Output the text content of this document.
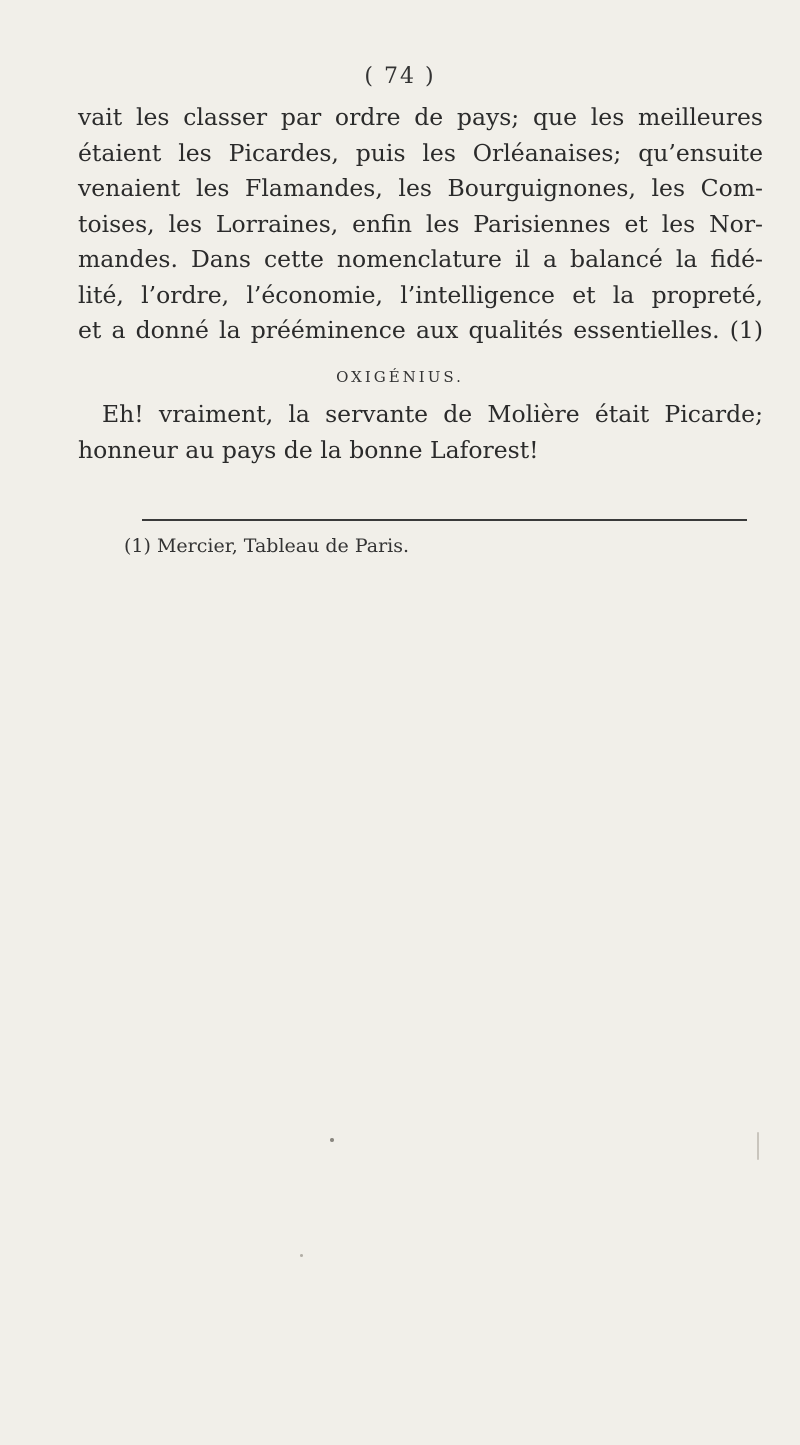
( 74 )
vait les classer par ordre de pays; que les meilleures
étaient les Picardes, puis les Orléanaises; qu’ensuite
venaient les Flamandes, les Bourguignones, les Com-
toises, les Lorraines, enfin les Parisiennes et les Nor-
mandes. Dans cette nomenclature il a balancé la fidé-
lité, l’ordre, l’économie, l’intelligence et la propreté,
et a donné la prééminence aux qualités essentielles. (1)
OXIGÉNIUS.
Eh! vraiment, la servante de Molière était Picarde;
honneur au pays de la bonne Laforest!
(1) Mercier, Tableau de Paris.
